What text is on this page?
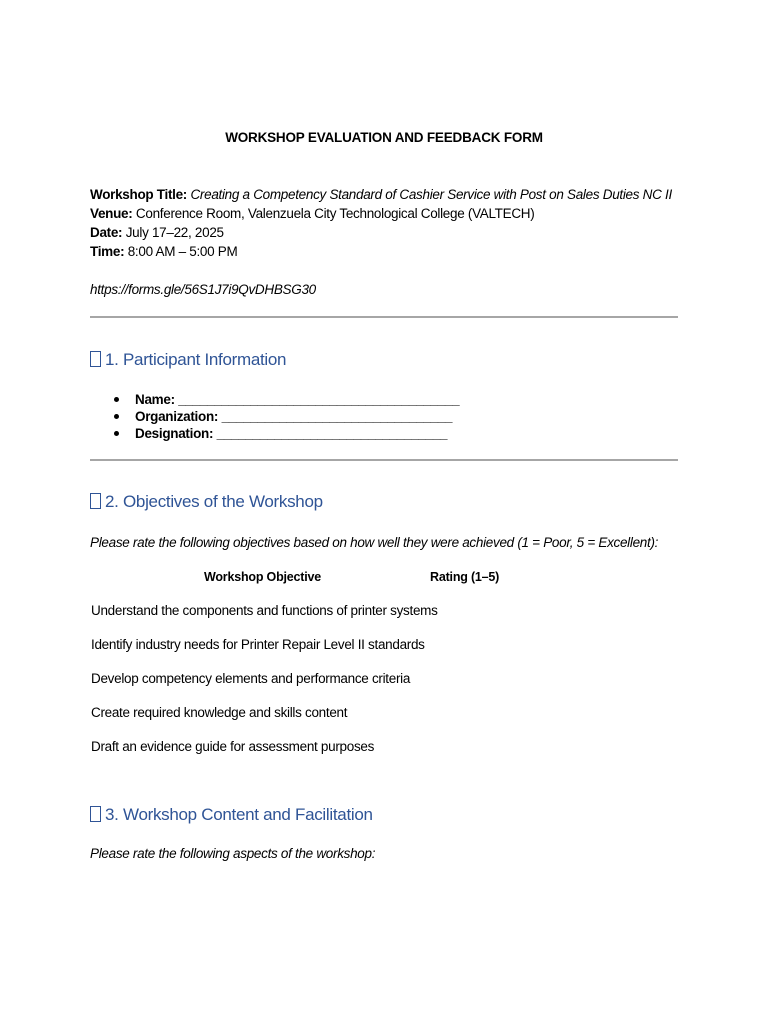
WORKSHOP EVALUATION AND FEEDBACK FORM
Workshop Title: Creating a Competency Standard of Cashier Service with Post on Sales Duties NC II
Venue: Conference Room, Valenzuela City Technological College (VALTECH)
Date: July 17–22, 2025
Time: 8:00 AM – 5:00 PM
https://forms.gle/56S1J7i9QvDHBSG30
1. Participant Information
Name: _______________________________________
Organization: ________________________________
Designation: ________________________________
2. Objectives of the Workshop
Please rate the following objectives based on how well they were achieved (1 = Poor, 5 = Excellent):
Workshop Objective	Rating (1–5)
Understand the components and functions of printer systems
Identify industry needs for Printer Repair Level II standards
Develop competency elements and performance criteria
Create required knowledge and skills content
Draft an evidence guide for assessment purposes
3. Workshop Content and Facilitation
Please rate the following aspects of the workshop:
